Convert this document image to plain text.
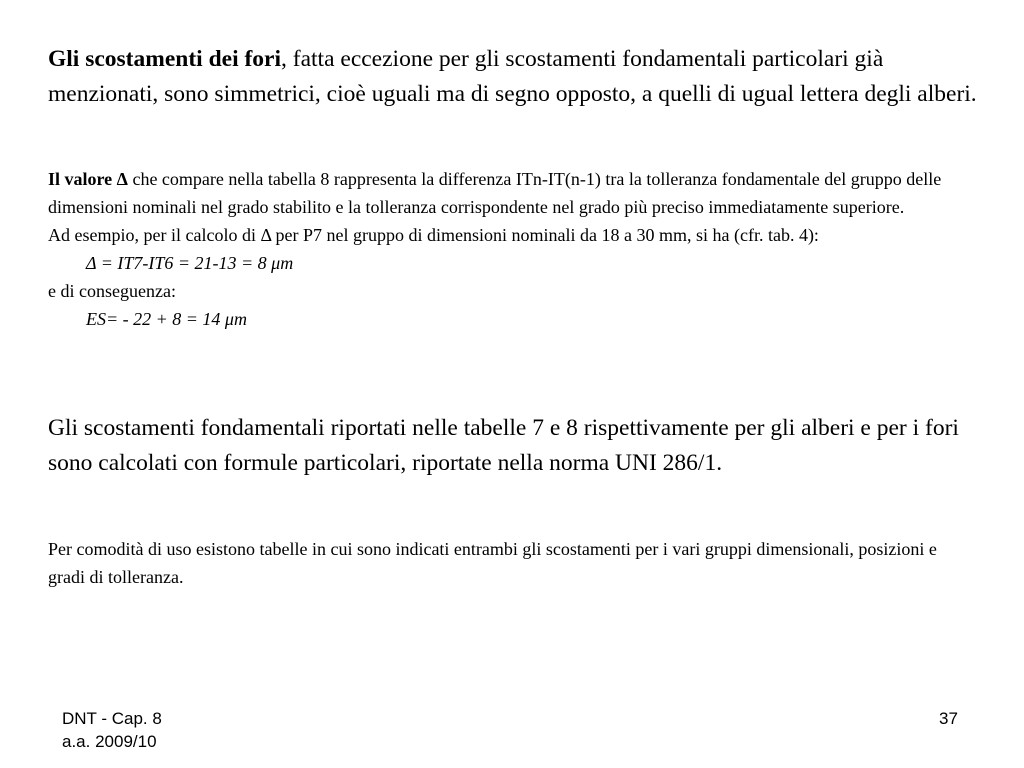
Gli scostamenti dei fori, fatta eccezione per gli scostamenti fondamentali particolari già menzionati, sono simmetrici, cioè uguali ma di segno opposto, a quelli di ugual lettera degli alberi.
Il valore Δ che compare nella tabella 8 rappresenta la differenza ITn-IT(n-1) tra la tolleranza fondamentale del gruppo delle dimensioni nominali nel grado stabilito e la tolleranza corrispondente nel grado più preciso immediatamente superiore.
Ad esempio, per il calcolo di Δ per P7 nel gruppo di dimensioni nominali da 18 a 30 mm, si ha (cfr. tab. 4):
Δ = IT7-IT6 = 21-13 = 8 μm
e di conseguenza:
ES= - 22 + 8 = 14 μm
Gli scostamenti fondamentali riportati nelle tabelle 7 e 8 rispettivamente per gli alberi e per i fori sono calcolati con formule particolari, riportate nella norma UNI 286/1.
Per comodità di uso esistono tabelle in cui sono indicati entrambi gli scostamenti per i vari gruppi dimensionali, posizioni e gradi di tolleranza.
DNT - Cap. 8
a.a. 2009/10
37
